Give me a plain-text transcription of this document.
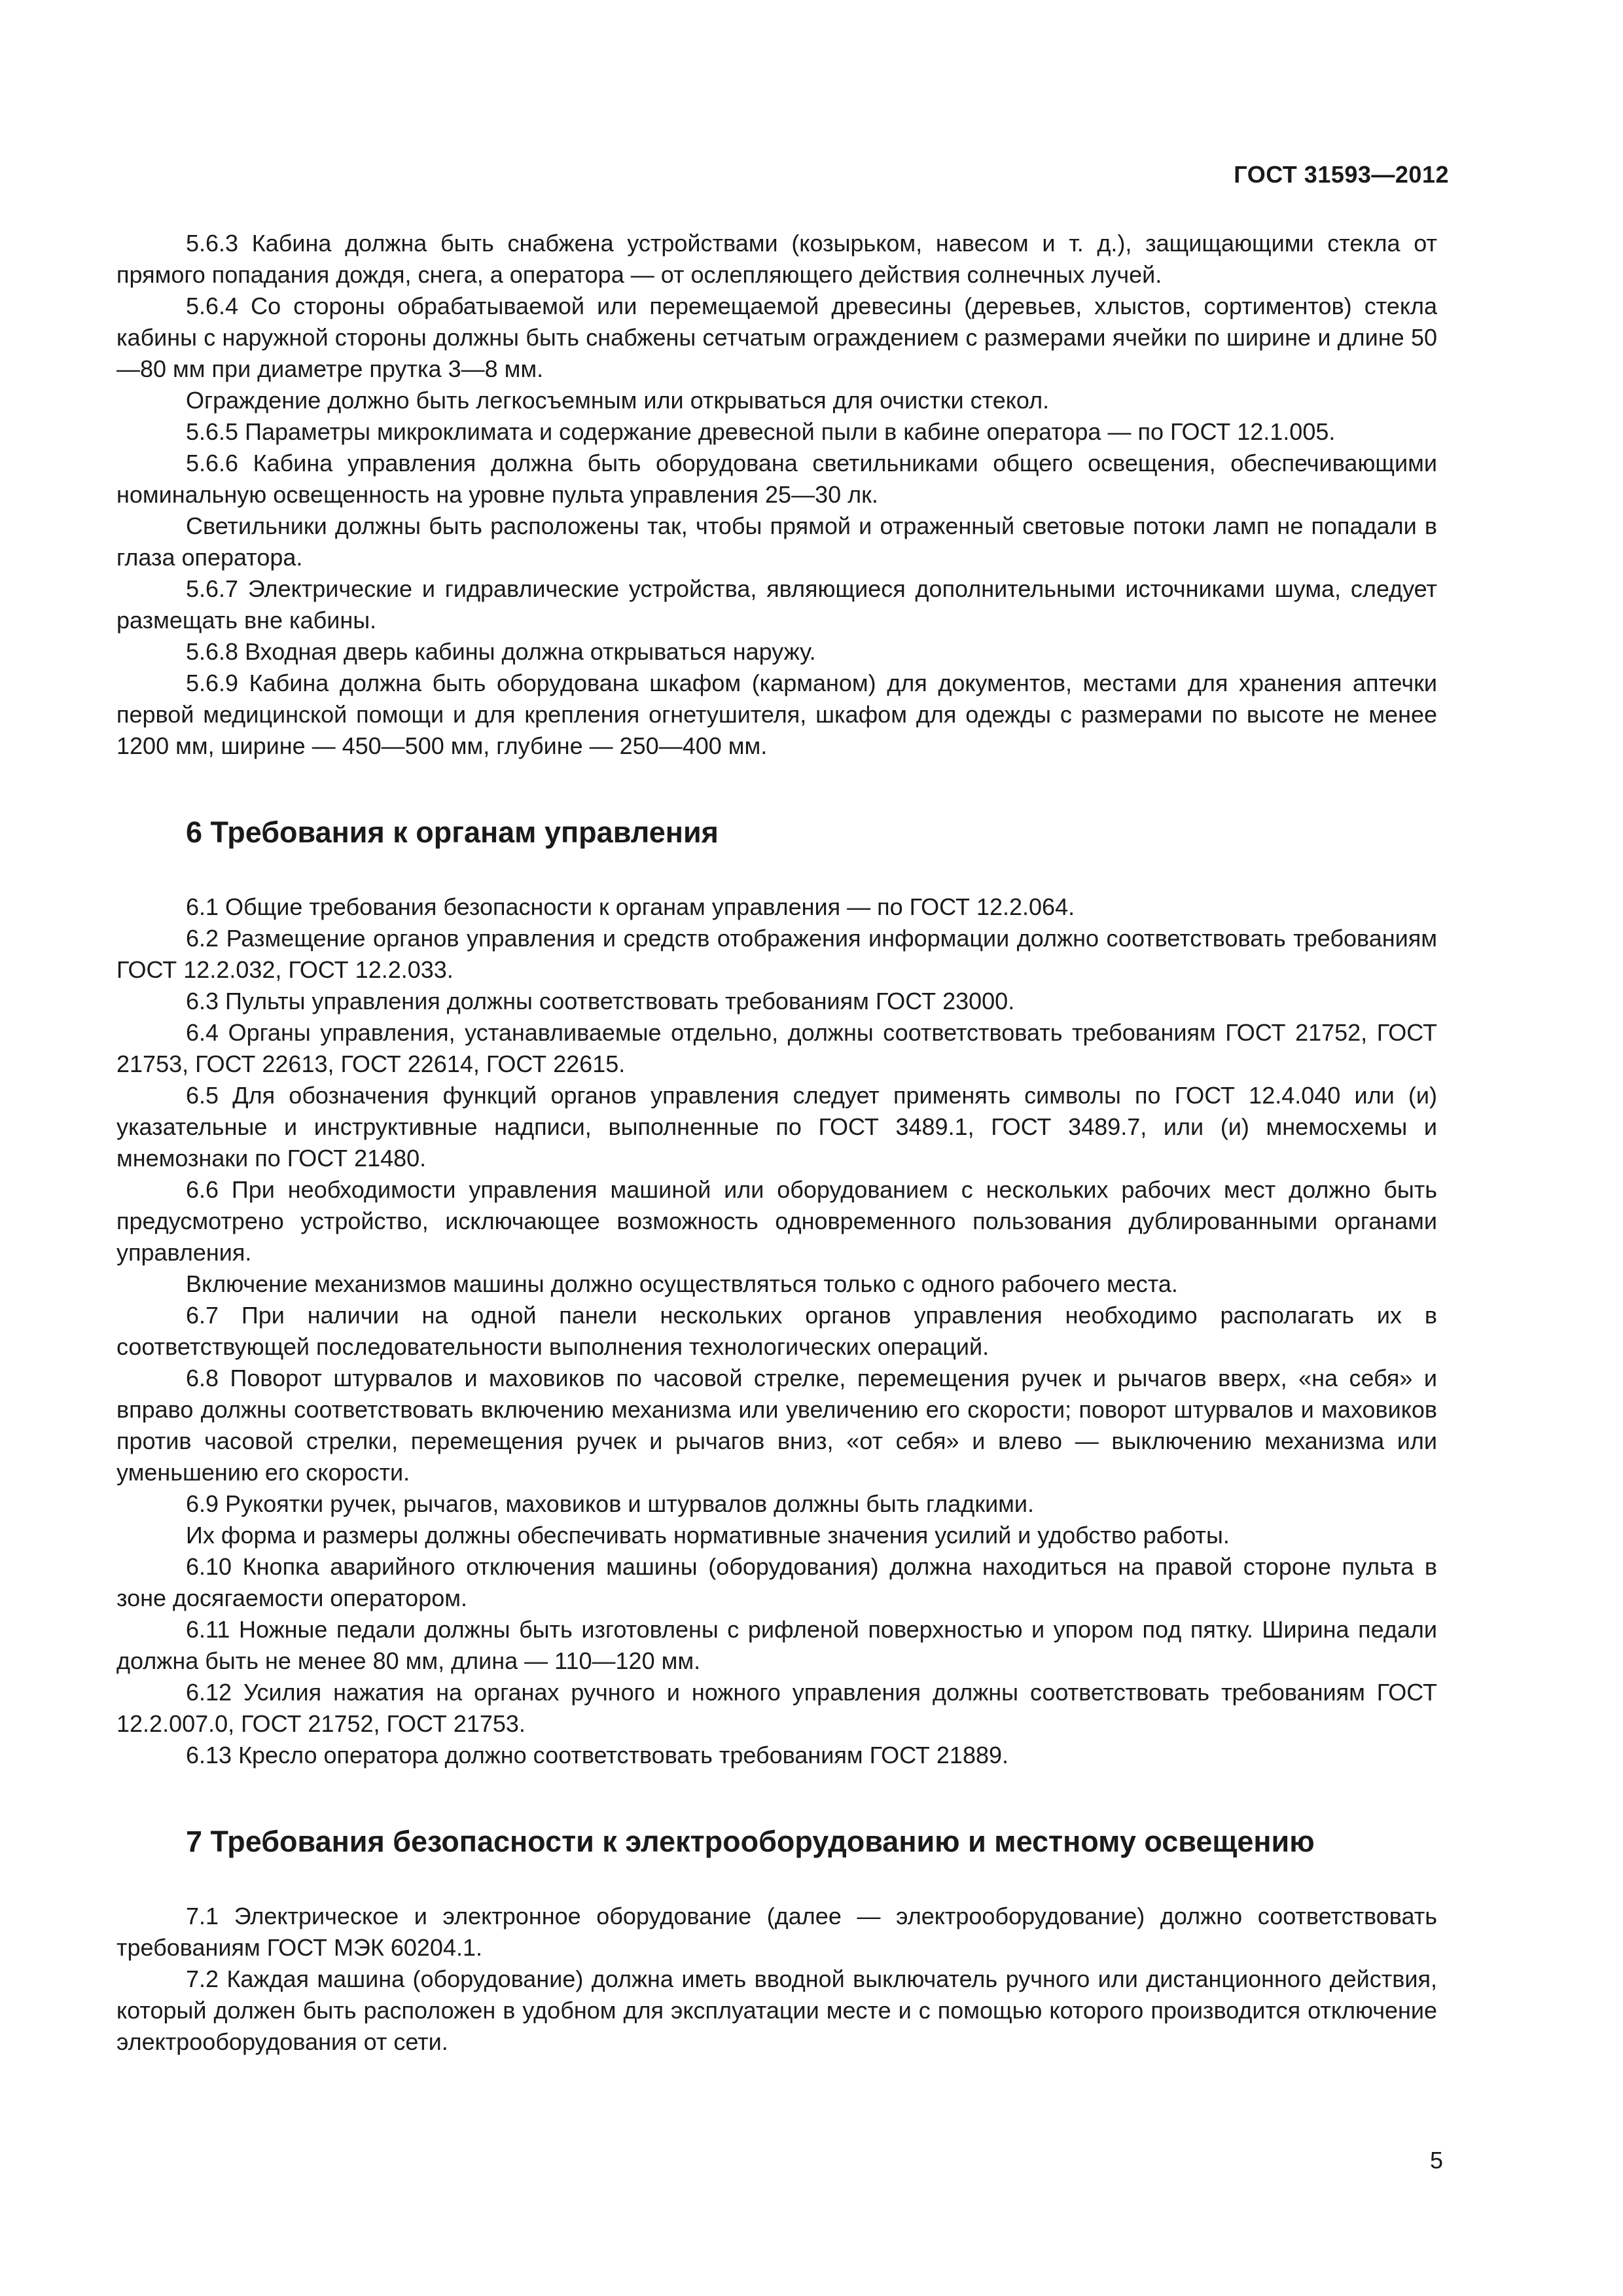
ГОСТ 31593—2012

5.6.3 Кабина должна быть снабжена устройствами (козырьком, навесом и т. д.), защищающими стекла от прямого попадания дождя, снега, а оператора — от ослепляющего действия солнечных лучей.

5.6.4 Со стороны обрабатываемой или перемещаемой древесины (деревьев, хлыстов, сортиментов) стекла кабины с наружной стороны должны быть снабжены сетчатым ограждением с размерами ячейки по ширине и длине 50—80 мм при диаметре прутка 3—8 мм.

Ограждение должно быть легкосъемным или открываться для очистки стекол.

5.6.5 Параметры микроклимата и содержание древесной пыли в кабине оператора — по ГОСТ 12.1.005.

5.6.6 Кабина управления должна быть оборудована светильниками общего освещения, обеспечивающими номинальную освещенность на уровне пульта управления 25—30 лк.

Светильники должны быть расположены так, чтобы прямой и отраженный световые потоки ламп не попадали в глаза оператора.

5.6.7 Электрические и гидравлические устройства, являющиеся дополнительными источниками шума, следует размещать вне кабины.

5.6.8 Входная дверь кабины должна открываться наружу.

5.6.9 Кабина должна быть оборудована шкафом (карманом) для документов, местами для хранения аптечки первой медицинской помощи и для крепления огнетушителя, шкафом для одежды с размерами по высоте не менее 1200 мм, ширине — 450—500 мм, глубине — 250—400 мм.

6 Требования к органам управления

6.1 Общие требования безопасности к органам управления — по ГОСТ 12.2.064.

6.2 Размещение органов управления и средств отображения информации должно соответствовать требованиям ГОСТ 12.2.032, ГОСТ 12.2.033.

6.3 Пульты управления должны соответствовать требованиям ГОСТ 23000.

6.4 Органы управления, устанавливаемые отдельно, должны соответствовать требованиям ГОСТ 21752, ГОСТ 21753, ГОСТ 22613, ГОСТ 22614, ГОСТ 22615.

6.5 Для обозначения функций органов управления следует применять символы по ГОСТ 12.4.040 или (и) указательные и инструктивные надписи, выполненные по ГОСТ 3489.1, ГОСТ 3489.7, или (и) мнемосхемы и мнемознаки по ГОСТ 21480.

6.6 При необходимости управления машиной или оборудованием с нескольких рабочих мест должно быть предусмотрено устройство, исключающее возможность одновременного пользования дублированными органами управления.

Включение механизмов машины должно осуществляться только с одного рабочего места.

6.7 При наличии на одной панели нескольких органов управления необходимо располагать их в соответствующей последовательности выполнения технологических операций.

6.8 Поворот штурвалов и маховиков по часовой стрелке, перемещения ручек и рычагов вверх, «на себя» и вправо должны соответствовать включению механизма или увеличению его скорости; поворот штурвалов и маховиков против часовой стрелки, перемещения ручек и рычагов вниз, «от себя» и влево — выключению механизма или уменьшению его скорости.

6.9 Рукоятки ручек, рычагов, маховиков и штурвалов должны быть гладкими.

Их форма и размеры должны обеспечивать нормативные значения усилий и удобство работы.

6.10 Кнопка аварийного отключения машины (оборудования) должна находиться на правой стороне пульта в зоне досягаемости оператором.

6.11 Ножные педали должны быть изготовлены с рифленой поверхностью и упором под пятку. Ширина педали должна быть не менее 80 мм, длина — 110—120 мм.

6.12 Усилия нажатия на органах ручного и ножного управления должны соответствовать требованиям ГОСТ 12.2.007.0, ГОСТ 21752, ГОСТ 21753.

6.13 Кресло оператора должно соответствовать требованиям ГОСТ 21889.

7 Требования безопасности к электрооборудованию и местному освещению

7.1 Электрическое и электронное оборудование (далее — электрооборудование) должно соответствовать требованиям ГОСТ МЭК 60204.1.

7.2 Каждая машина (оборудование) должна иметь вводной выключатель ручного или дистанционного действия, который должен быть расположен в удобном для эксплуатации месте и с помощью которого производится отключение электрооборудования от сети.

5
